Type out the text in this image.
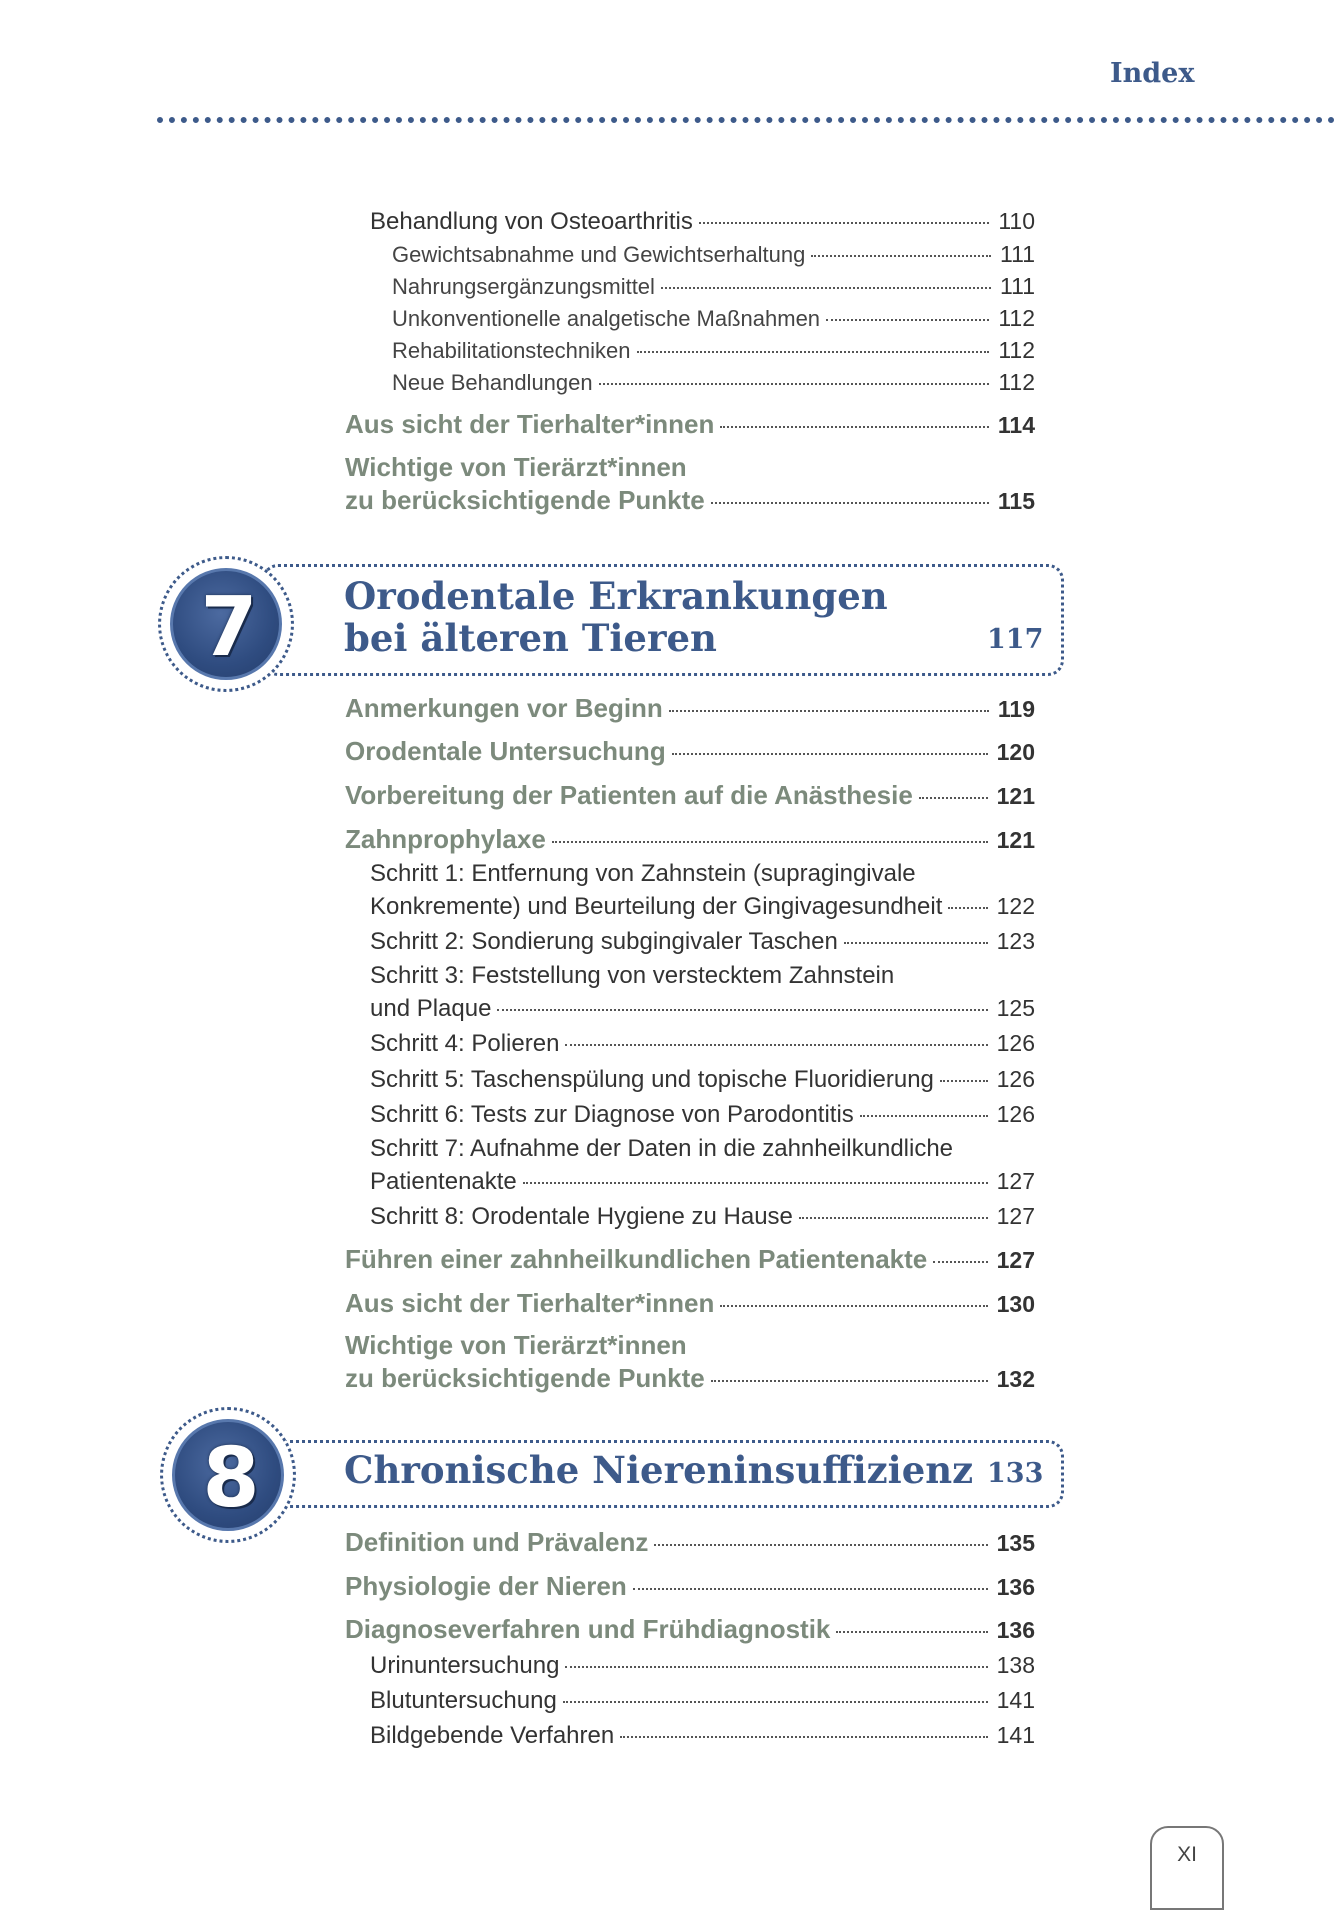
Index
Behandlung von Osteoarthritis	110
Gewichtsabnahme und Gewichtserhaltung	111
Nahrungsergänzungsmittel	111
Unkonventionelle analgetische Maßnahmen	112
Rehabilitationstechniken	112
Neue Behandlungen	112
Aus sicht der Tierhalter*innen	114
Wichtige von Tierärzt*innen
zu berücksichtigende Punkte	115
7	Orodentale Erkrankungen
bei älteren Tieren	117
Anmerkungen vor Beginn	119
Orodentale Untersuchung	120
Vorbereitung der Patienten auf die Anästhesie	121
Zahnprophylaxe	121
Schritt 1: Entfernung von Zahnstein (supragingivale
Konkremente) und Beurteilung der Gingivagesundheit 122
Schritt 2: Sondierung subgingivaler Taschen	123
Schritt 3: Feststellung von verstecktem Zahnstein
und Plaque	125
Schritt 4: Polieren	126
Schritt 5: Taschenspülung und topische Fluoridierung	126
Schritt 6: Tests zur Diagnose von Parodontitis	126
Schritt 7: Aufnahme der Daten in die zahnheilkundliche
Patientenakte	127
Schritt 8: Orodentale Hygiene zu Hause	127
Führen einer zahnheilkundlichen Patientenakte	127
Aus sicht der Tierhalter*innen	130
Wichtige von Tierärzt*innen
zu berücksichtigende Punkte	132
8	Chronische Niereninsuffizienz 133
Definition und Prävalenz	135
Physiologie der Nieren	136
Diagnoseverfahren und Frühdiagnostik	136
Urinuntersuchung	138
Blutuntersuchung	141
Bildgebende Verfahren	141
XI
